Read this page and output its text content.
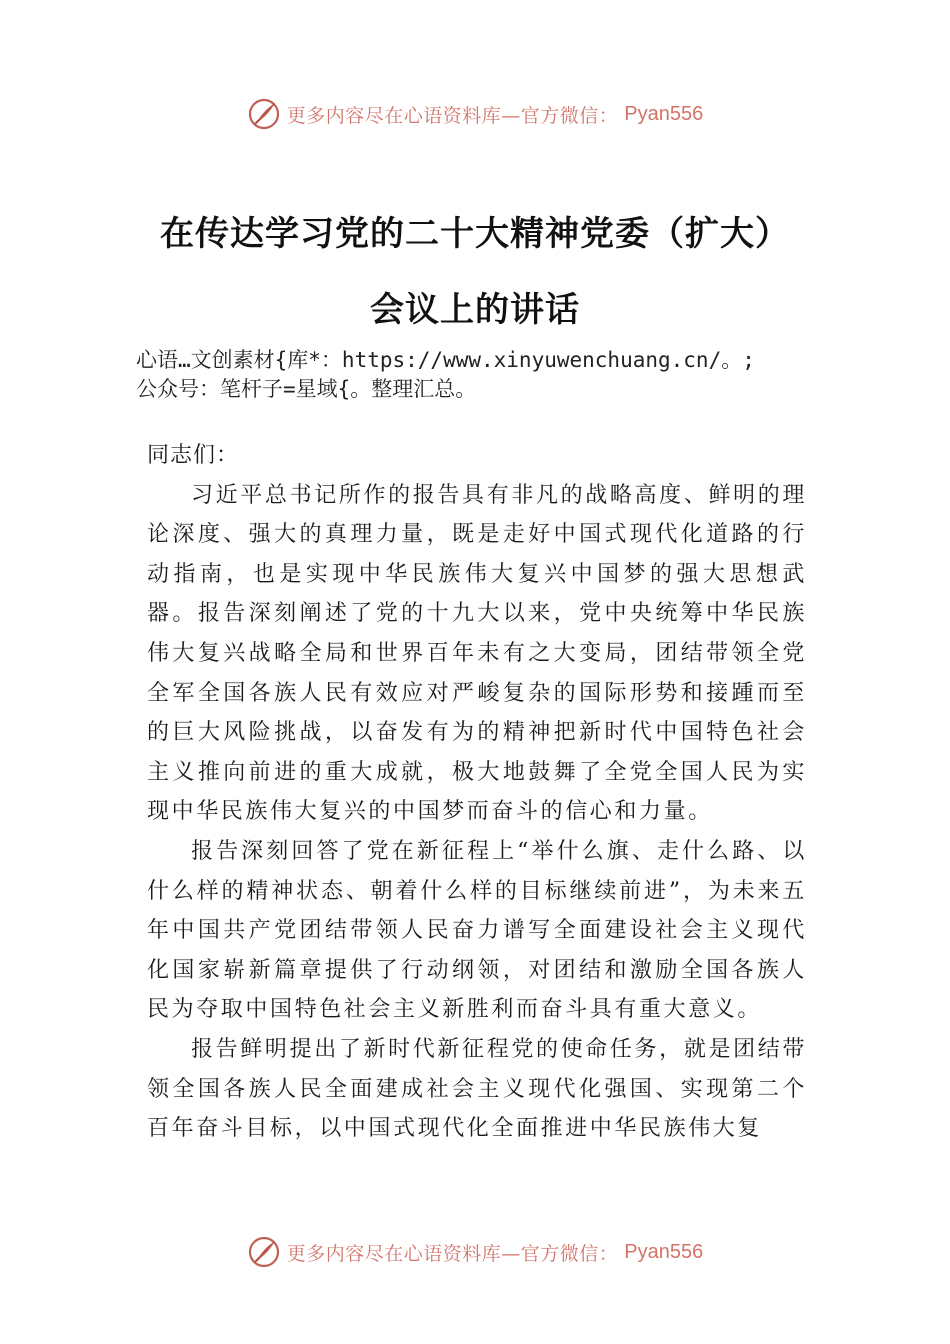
更多内容尽在心语资料库—官方微信： Pyan556
在传达学习党的二十大精神党委（扩大）
会议上的讲话
心语…文创素材{库*：https://www.xinyuwenchuang.cn/。;
公众号：笔杆子=星域{。整理汇总。

同志们：

习近平总书记所作的报告具有非凡的战略高度、鲜明的理论深度、强大的真理力量，既是走好中国式现代化道路的行动指南，也是实现中华民族伟大复兴中国梦的强大思想武器。报告深刻阐述了党的十九大以来，党中央统筹中华民族伟大复兴战略全局和世界百年未有之大变局，团结带领全党全军全国各族人民有效应对严峻复杂的国际形势和接踵而至的巨大风险挑战，以奋发有为的精神把新时代中国特色社会主义推向前进的重大成就，极大地鼓舞了全党全国人民为实现中华民族伟大复兴的中国梦而奋斗的信心和力量。

报告深刻回答了党在新征程上“举什么旗、走什么路、以什么样的精神状态、朝着什么样的目标继续前进”，为未来五年中国共产党团结带领人民奋力谱写全面建设社会主义现代化国家崭新篇章提供了行动纲领，对团结和激励全国各族人民为夺取中国特色社会主义新胜利而奋斗具有重大意义。

报告鲜明提出了新时代新征程党的使命任务，就是团结带领全国各族人民全面建成社会主义现代化强国、实现第二个百年奋斗目标，以中国式现代化全面推进中华民族伟大复

更多内容尽在心语资料库—官方微信： Pyan556
